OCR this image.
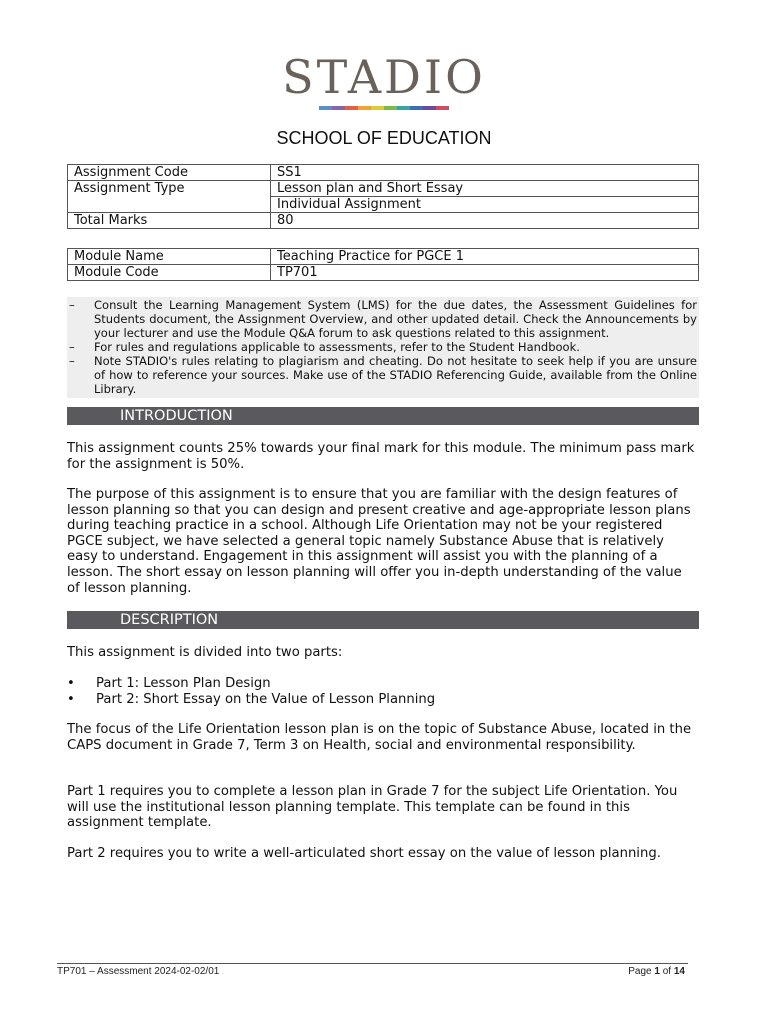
STADIO
SCHOOL OF EDUCATION
Assignment Code	SS1
Assignment Type	Lesson plan and Short Essay
	Individual Assignment
Total Marks	80
Module Name	Teaching Practice for PGCE 1
Module Code	TP701
–	Consult the Learning Management System (LMS) for the due dates, the Assessment Guidelines for Students document, the Assignment Overview, and other updated detail. Check the Announcements by your lecturer and use the Module Q&A forum to ask questions related to this assignment.
–	For rules and regulations applicable to assessments, refer to the Student Handbook.
–	Note STADIO's rules relating to plagiarism and cheating. Do not hesitate to seek help if you are unsure of how to reference your sources. Make use of the STADIO Referencing Guide, available from the Online Library.
INTRODUCTION
This assignment counts 25% towards your final mark for this module. The minimum pass mark for the assignment is 50%.
The purpose of this assignment is to ensure that you are familiar with the design features of lesson planning so that you can design and present creative and age-appropriate lesson plans during teaching practice in a school. Although Life Orientation may not be your registered PGCE subject, we have selected a general topic namely Substance Abuse that is relatively easy to understand. Engagement in this assignment will assist you with the planning of a lesson. The short essay on lesson planning will offer you in-depth understanding of the value of lesson planning.
DESCRIPTION
This assignment is divided into two parts:
•	Part 1: Lesson Plan Design
•	Part 2: Short Essay on the Value of Lesson Planning
The focus of the Life Orientation lesson plan is on the topic of Substance Abuse, located in the CAPS document in Grade 7, Term 3 on Health, social and environmental responsibility.
Part 1 requires you to complete a lesson plan in Grade 7 for the subject Life Orientation. You will use the institutional lesson planning template. This template can be found in this assignment template.
Part 2 requires you to write a well-articulated short essay on the value of lesson planning.
TP701 – Assessment 2024-02-02/01	Page 1 of 14
